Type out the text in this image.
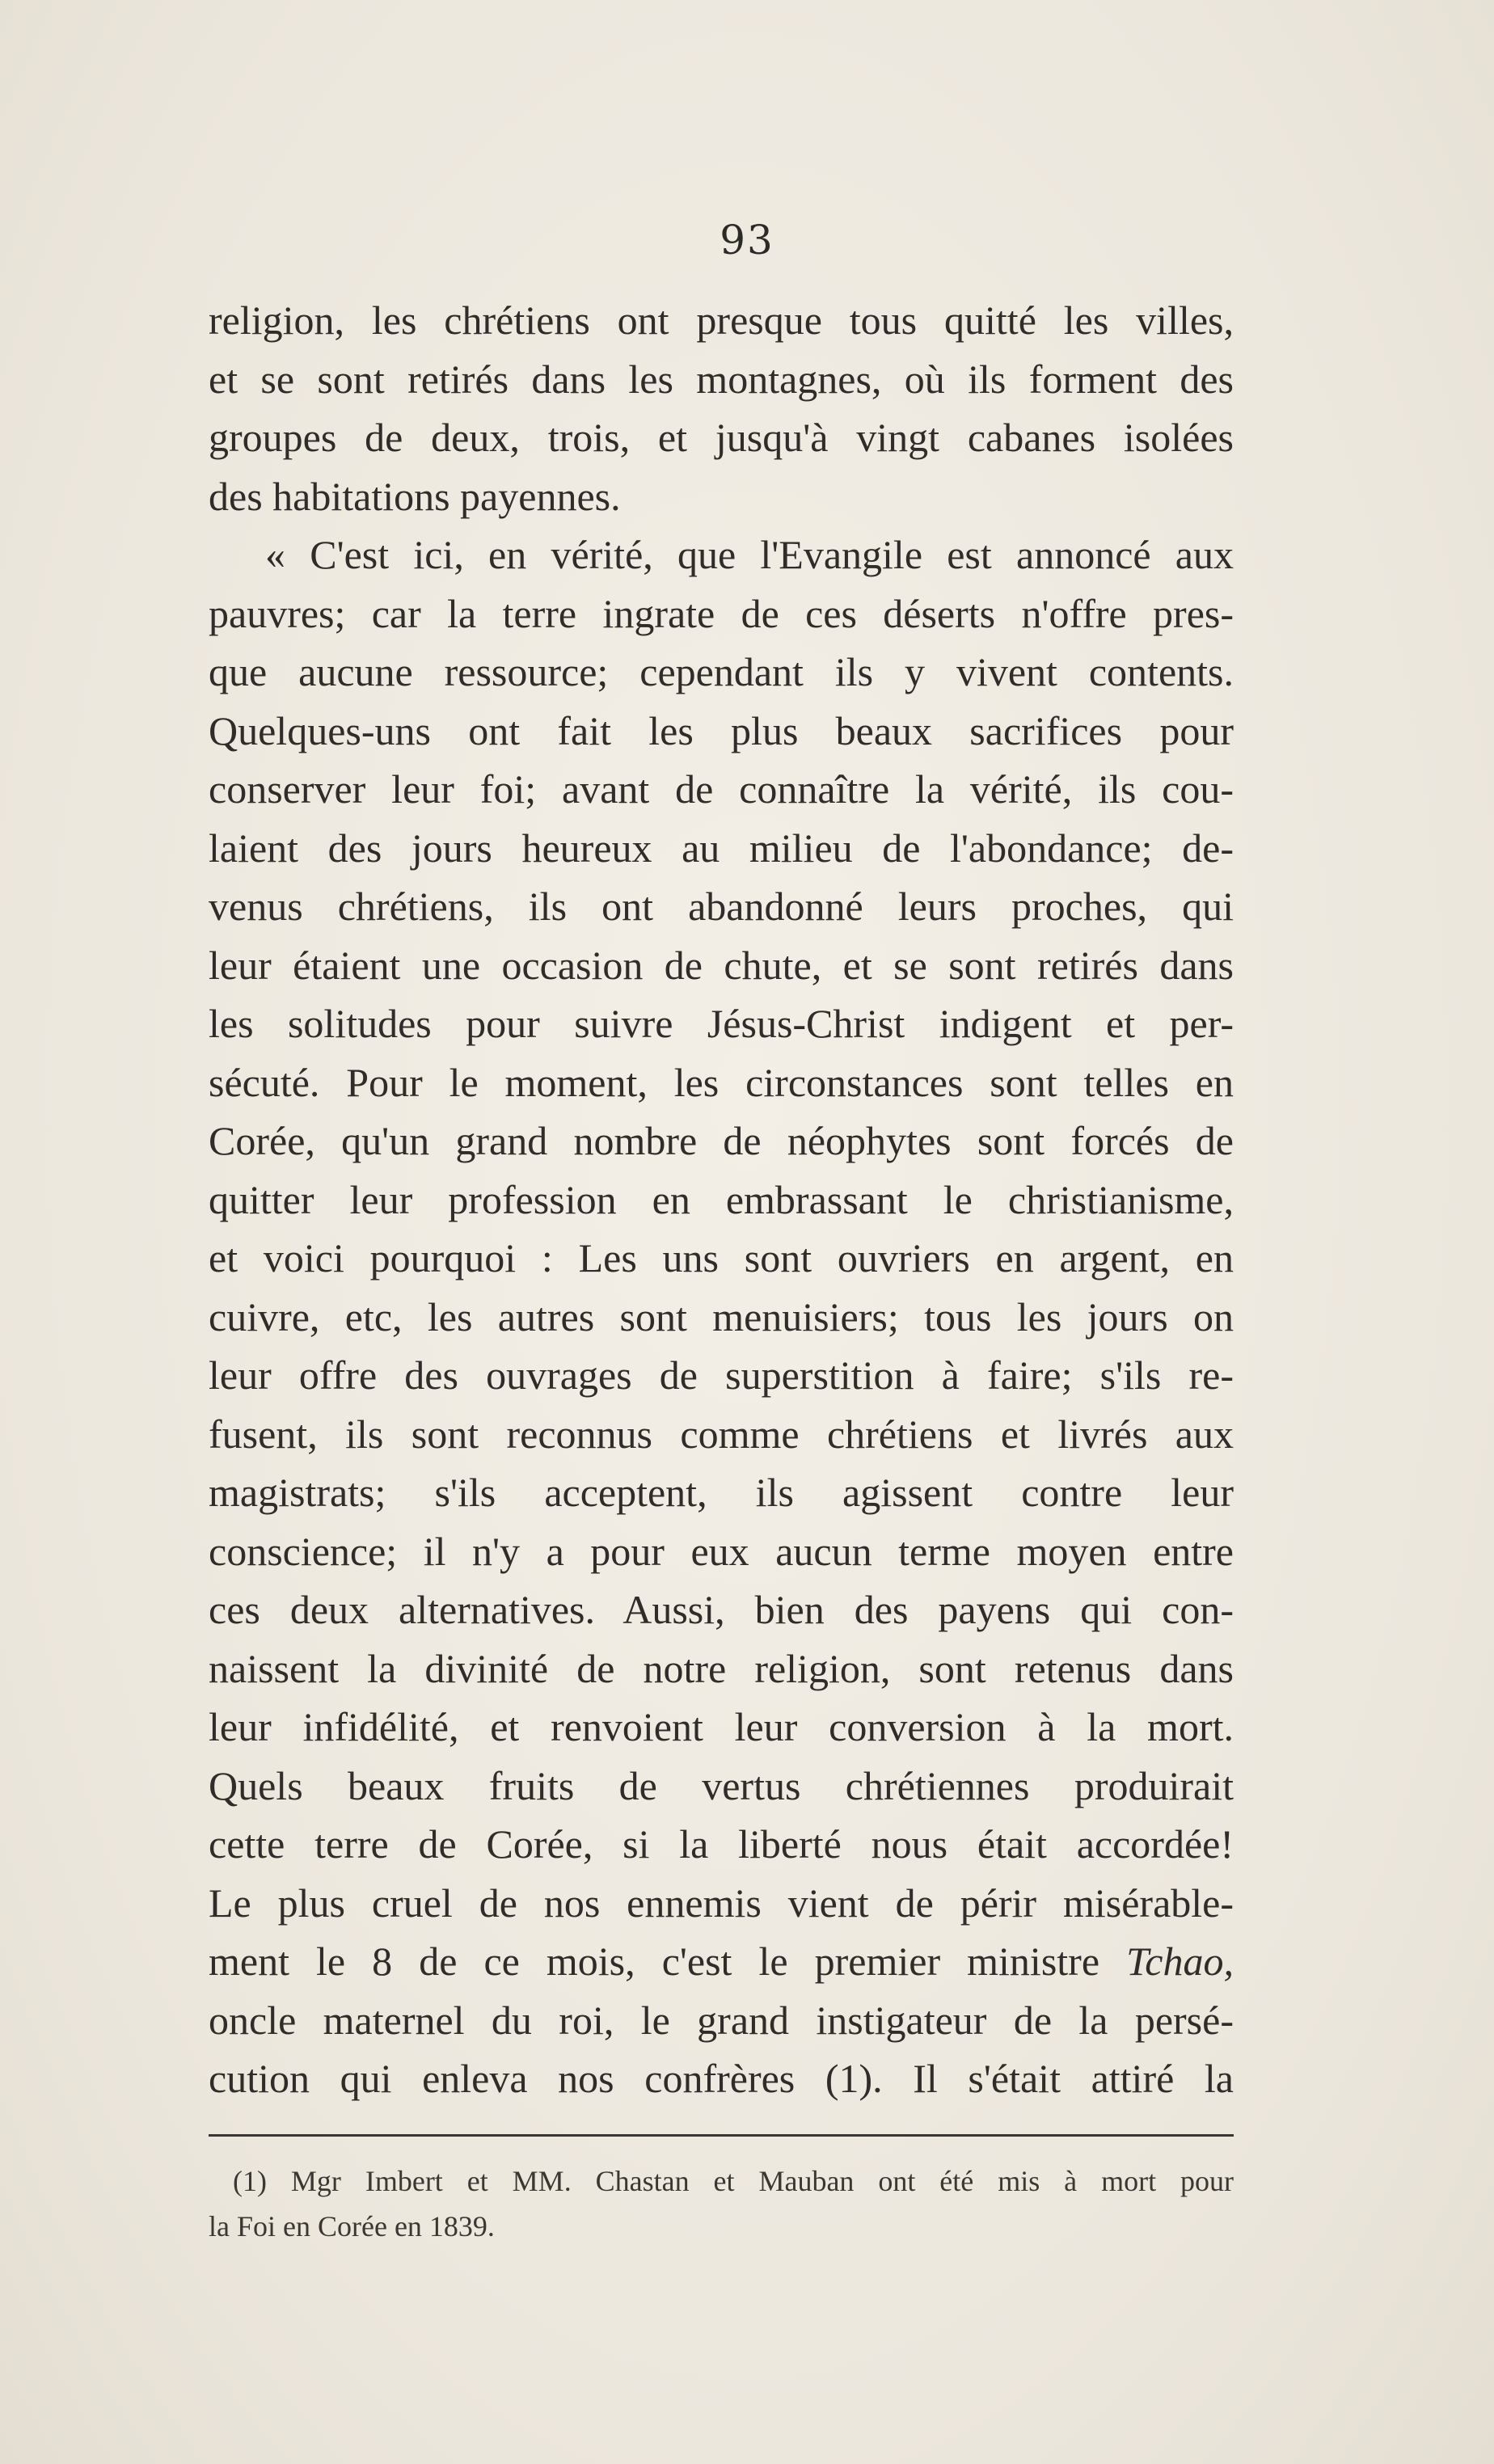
93
religion, les chrétiens ont presque tous quitté les villes,
et se sont retirés dans les montagnes, où ils forment des
groupes de deux, trois, et jusqu'à vingt cabanes isolées
des habitations payennes.
« C'est ici, en vérité, que l'Evangile est annoncé aux
pauvres; car la terre ingrate de ces déserts n'offre pres-
que aucune ressource; cependant ils y vivent contents.
Quelques-uns ont fait les plus beaux sacrifices pour
conserver leur foi; avant de connaître la vérité, ils cou-
laient des jours heureux au milieu de l'abondance; de-
venus chrétiens, ils ont abandonné leurs proches, qui
leur étaient une occasion de chute, et se sont retirés dans
les solitudes pour suivre Jésus-Christ indigent et per-
sécuté. Pour le moment, les circonstances sont telles en
Corée, qu'un grand nombre de néophytes sont forcés de
quitter leur profession en embrassant le christianisme,
et voici pourquoi : Les uns sont ouvriers en argent, en
cuivre, etc, les autres sont menuisiers; tous les jours on
leur offre des ouvrages de superstition à faire; s'ils re-
fusent, ils sont reconnus comme chrétiens et livrés aux
magistrats; s'ils acceptent, ils agissent contre leur
conscience; il n'y a pour eux aucun terme moyen entre
ces deux alternatives. Aussi, bien des payens qui con-
naissent la divinité de notre religion, sont retenus dans
leur infidélité, et renvoient leur conversion à la mort.
Quels beaux fruits de vertus chrétiennes produirait
cette terre de Corée, si la liberté nous était accordée!
Le plus cruel de nos ennemis vient de périr misérable-
ment le 8 de ce mois, c'est le premier ministre Tchao,
oncle maternel du roi, le grand instigateur de la persé-
cution qui enleva nos confrères (1). Il s'était attiré la
(1) Mgr Imbert et MM. Chastan et Mauban ont été mis à mort pour
la Foi en Corée en 1839.
